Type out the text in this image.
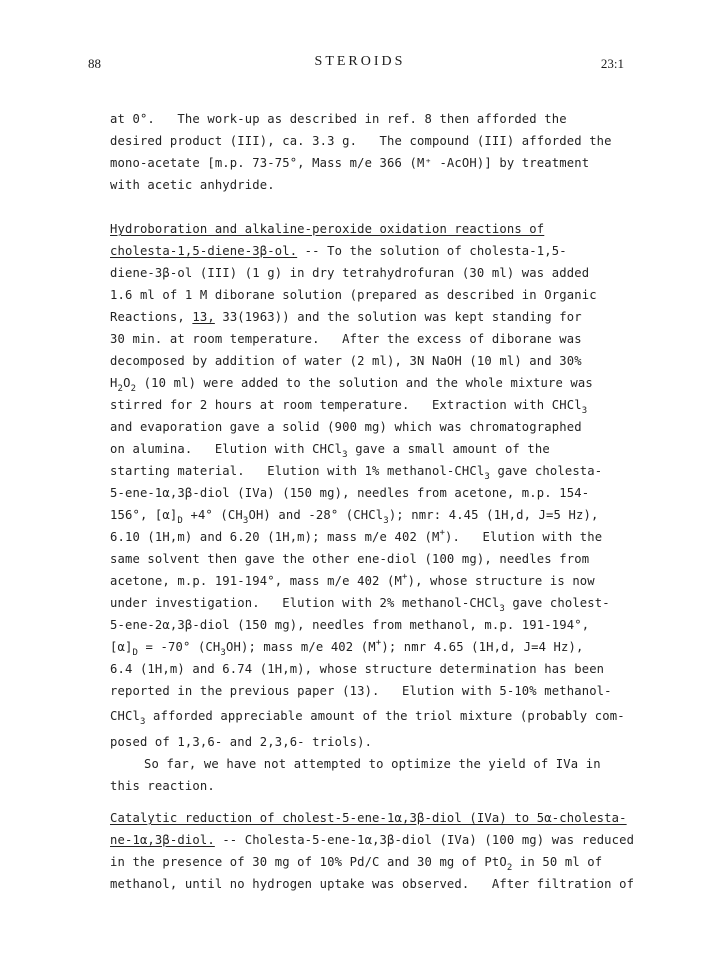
88	STEROIDS	23:1
at 0°.   The work-up as described in ref. 8 then afforded the
desired product (III), ca. 3.3 g.   The compound (III) afforded the
mono-acetate [m.p. 73-75°, Mass m/e 366 (M⁺ -AcOH)] by treatment
with acetic anhydride.
Hydroboration and alkaline-peroxide oxidation reactions of
cholesta-1,5-diene-3β-ol. -- To the solution of cholesta-1,5-
diene-3β-ol (III) (1 g) in dry tetrahydrofuran (30 ml) was added
1.6 ml of 1 M diborane solution (prepared as described in Organic
Reactions, 13, 33(1963)) and the solution was kept standing for
30 min. at room temperature.   After the excess of diborane was
decomposed by addition of water (2 ml), 3N NaOH (10 ml) and 30%
$H_2O_2$ (10 ml) were added to the solution and the whole mixture was
stirred for 2 hours at room temperature.   Extraction with CHCl$_3$
and evaporation gave a solid (900 mg) which was chromatographed
on alumina.   Elution with CHCl$_3$ gave a small amount of the
starting material.   Elution with 1% methanol-CHCl$_3$ gave cholesta-
5-ene-1α,3β-diol (IVa) (150 mg), needles from acetone, m.p. 154-
156°, $[\alpha]_D +4^\circ$ $(CH_3OH)$ and -28° (CHCl$_3$); nmr: 4.45 (1H,d, J=5 Hz),
6.10 (1H,m) and 6.20 (1H,m); mass m/e 402 (M+).   Elution with the
same solvent then gave the other ene-diol (100 mg), needles from
acetone, m.p. 191-194°, mass m/e 402 (M+), whose structure is now
under investigation.   Elution with 2% methanol-CHCl$_3$ gave cholest-
5-ene-2α,3β-diol (150 mg), needles from methanol, m.p. 191-194°,
$[\alpha]_D = -70^\circ$ $(CH_3OH)$; mass m/e 402 (M+); nmr 4.65 (1H,d, J=4 Hz),
6.4 (1H,m) and 6.74 (1H,m), whose structure determination has been
reported in the previous paper (13).   Elution with 5-10% methanol-
CHCl$_3$ afforded appreciable amount of the triol mixture (probably com-
posed of 1,3,6- and 2,3,6- triols).
So far, we have not attempted to optimize the yield of IVa in
this reaction.
Catalytic reduction of cholest-5-ene-1α,3β-diol (IVa) to 5α-cholesta-
ne-1α,3β-diol. -- Cholesta-5-ene-1α,3β-diol (IVa) (100 mg) was reduced
in the presence of 30 mg of 10% Pd/C and 30 mg of PtO$_2$ in 50 ml of
methanol, until no hydrogen uptake was observed.   After filtration of
